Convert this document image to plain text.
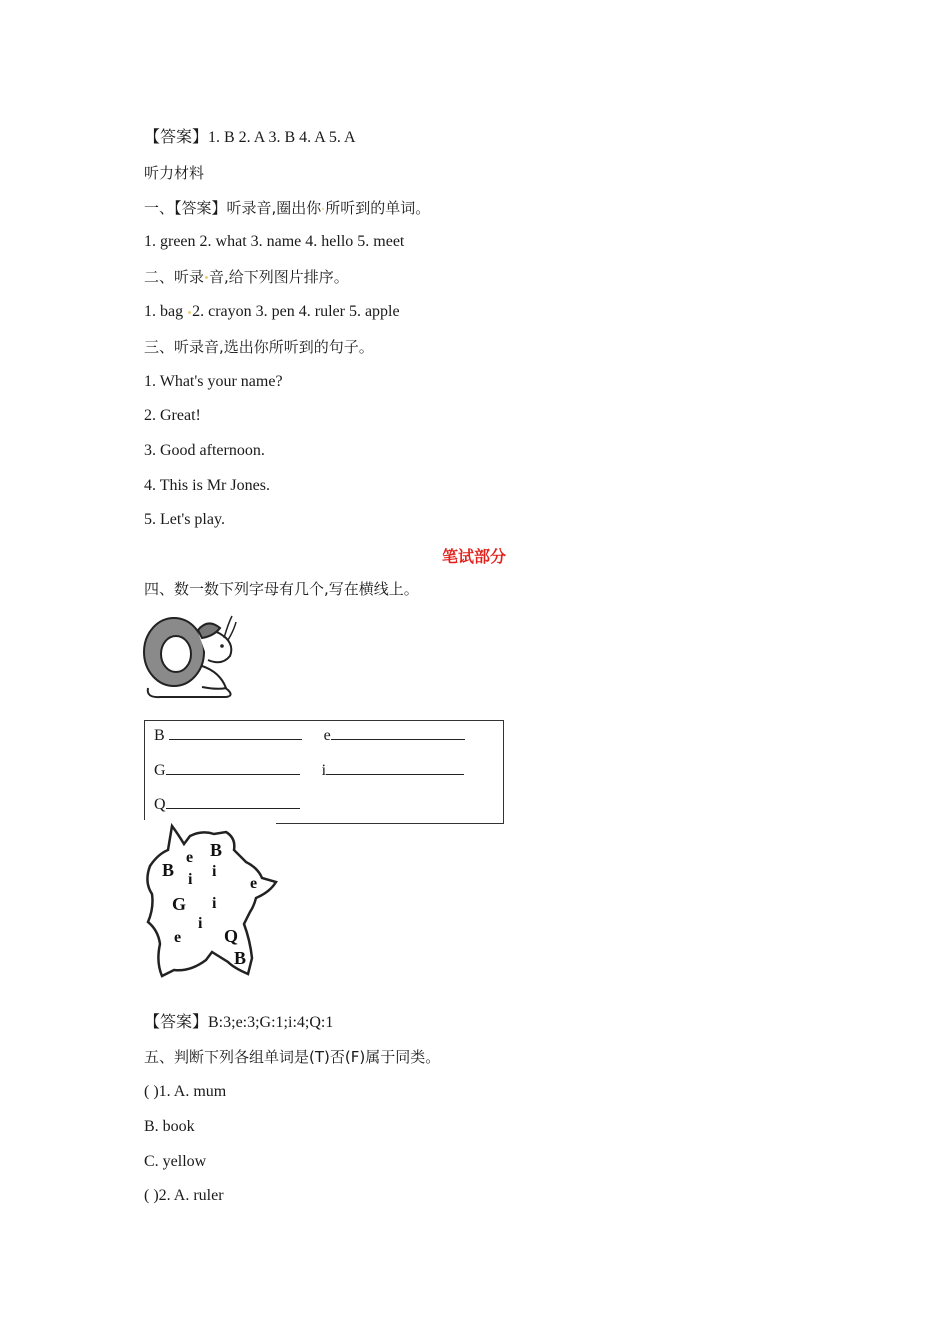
【答案】1. B 2. A 3. B 4. A 5. A
听力材料
一、【答案】听录音,圈出你 所听到的单词。
1. green 2. what 3. name 4. hello 5. meet
二、听录 音,给下列图片排序。
1. bag 2. crayon 3. pen 4. ruler 5. apple
三、听录音,选出你所听到的句子。
1. What's your name?
2. Great!
3. Good afternoon.
4. This is Mr Jones.
5. Let's play.
笔试部分
四、数一数下列字母有几个,写在横线上。
B	e
G	i
Q
B
e B
i i
e
G i
i
e Q
B
【答案】B:3;e:3;G:1;i:4;Q:1
五、判断下列各组单词是(T)否(F)属于同类。
( )1. A. mum
B. book
C. yellow
( )2. A. ruler
